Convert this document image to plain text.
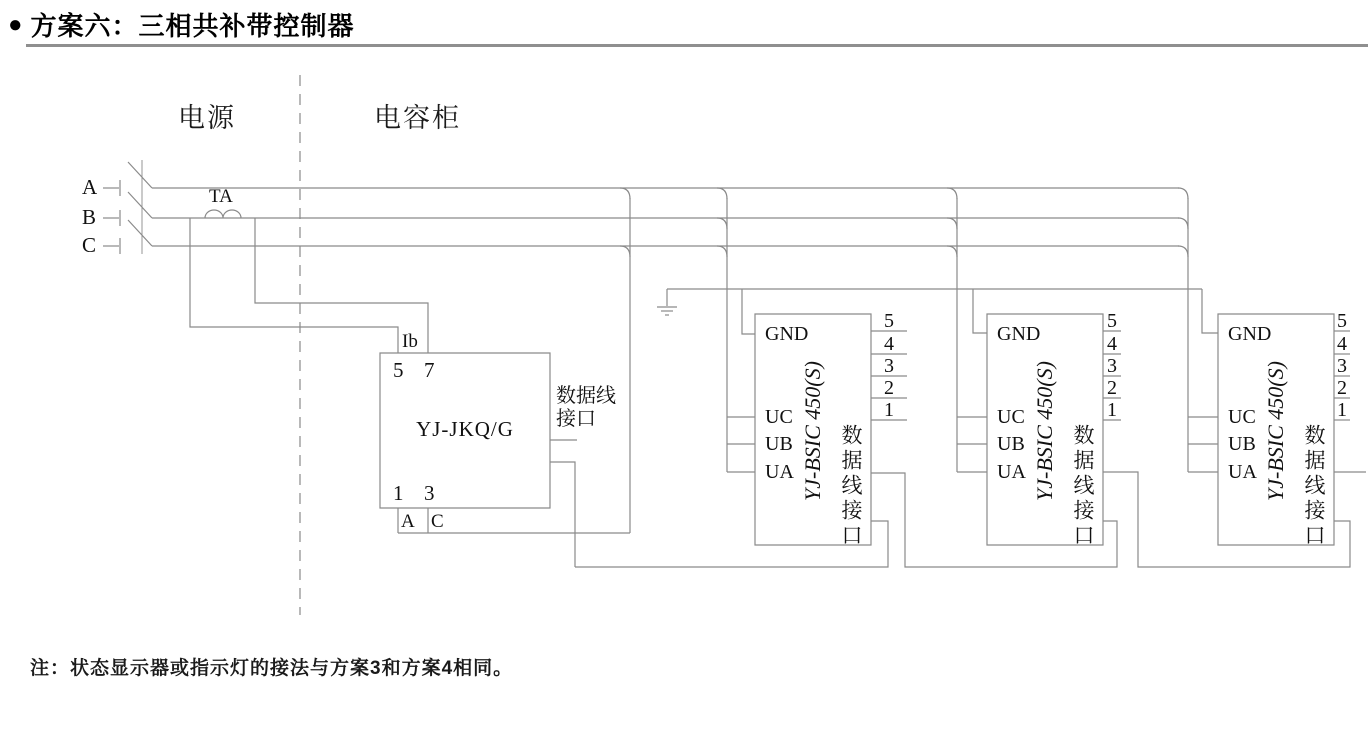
● 方案六：三相共补带控制器
电源	电容柜
A
B
C
TA
Ib
5 7
YJ-JKQ/G
1 3
A C
数据线
接口
GND
UC
UB
UA YJ-BSIC 450(S) 数据线接口
5
4
3
2
1
GND
UC
UB
UA YJ-BSIC 450(S) 数据线接口
5
4
3
2
1
GND
UC
UB
UA YJ-BSIC 450(S) 数据线接口
5
4
3
2
1
注：状态显示器或指示灯的接法与方案3和方案4相同。
